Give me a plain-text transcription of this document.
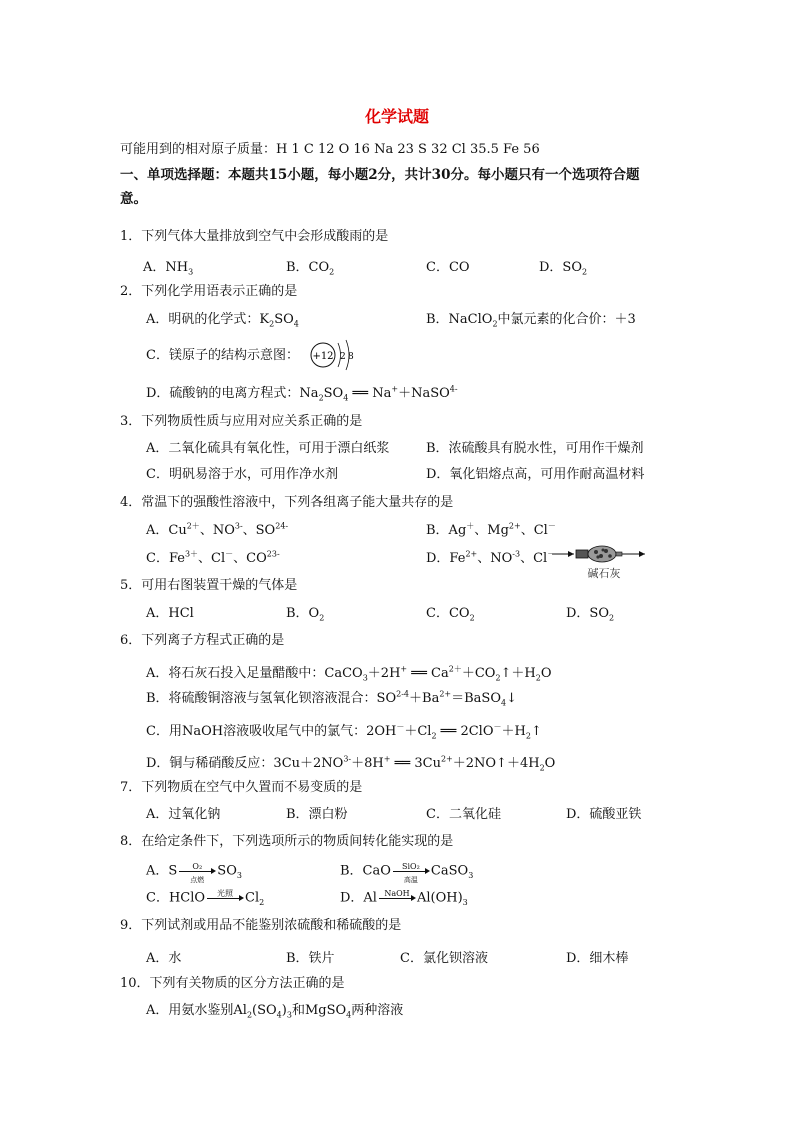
化学试题
可能用到的相对原子质量：H 1 C 12 O 16 Na 23 S 32 Cl 35.5 Fe 56
一、单项选择题：本题共15小题，每小题2分，共计30分。每小题只有一个选项符合题
意。
1．下列气体大量排放到空气中会形成酸雨的是
A．$NH_3$	B．$CO_2$	C．CO	D．$SO_2$
2．下列化学用语表示正确的是
A．明矾的化学式：$K_2SO_4$	B．NaClO$_2$中氯元素的化合价：＋3
C．镁原子的结构示意图： +12 2 8
D．硫酸钠的电离方程式：$Na_2SO_4$ ══ Na+＋NaSO$^{4-}$
3．下列物质性质与应用对应关系正确的是
A．二氧化硫具有氧化性，可用于漂白纸浆	B．浓硫酸具有脱水性，可用作干燥剂
C．明矾易溶于水，可用作净水剂	D．氧化铝熔点高，可用作耐高温材料
4．常温下的强酸性溶液中，下列各组离子能大量共存的是
A．$Cu^{2+}$、$NO^{3-}$、$SO^{24-}$	B．Ag＋、$Mg^{2+}$、Cl－
C．$Fe^{3+}$、Cl－、$CO^{23-}$	D．$Fe^{2+}$、$NO^{-3}$、Cl－
碱石灰
5．可用右图装置干燥的气体是
A．HCl	B．$O_2$	C．$CO_2$	D．$SO_2$
6．下列离子方程式正确的是
A．将石灰石投入足量醋酸中：CaCO$_3$＋2H+ ══ $Ca^{2+}+CO_2↑+H_2O$
B．将硫酸铜溶液与氢氧化钡溶液混合：$SO^{2-4}+Ba^{2+}=BaSO_4↓$
C．用NaOH溶液吸收尾气中的氯气：$2OH^-+Cl_2$ ══ $2ClO^-+H_2↑$
D．铜与稀硝酸反应：$3Cu+2NO^{3-}+8H^+$ ══ $3Cu^{2+}+2NO↑+4H_2O$
7．下列物质在空气中久置而不易变质的是
A．过氧化钠	B．漂白粉	C．二氧化硅	D．硫酸亚铁
8．在给定条件下，下列选项所示的物质间转化能实现的是
A．S	O₂
点燃
$SO_3$	B．CaO	SiO₂
高温
CaSO$_3$
C．HClO	光照 $Cl_2$	D．Al NaOH $Al(OH)_3$
9．下列试剂或用品不能鉴别浓硫酸和稀硫酸的是
A．水	B．铁片	C．氯化钡溶液	D．细木棒
10．下列有关物质的区分方法正确的是
A．用氨水鉴别$Al_2(SO_4)_3$和MgSO$_4$两种溶液
